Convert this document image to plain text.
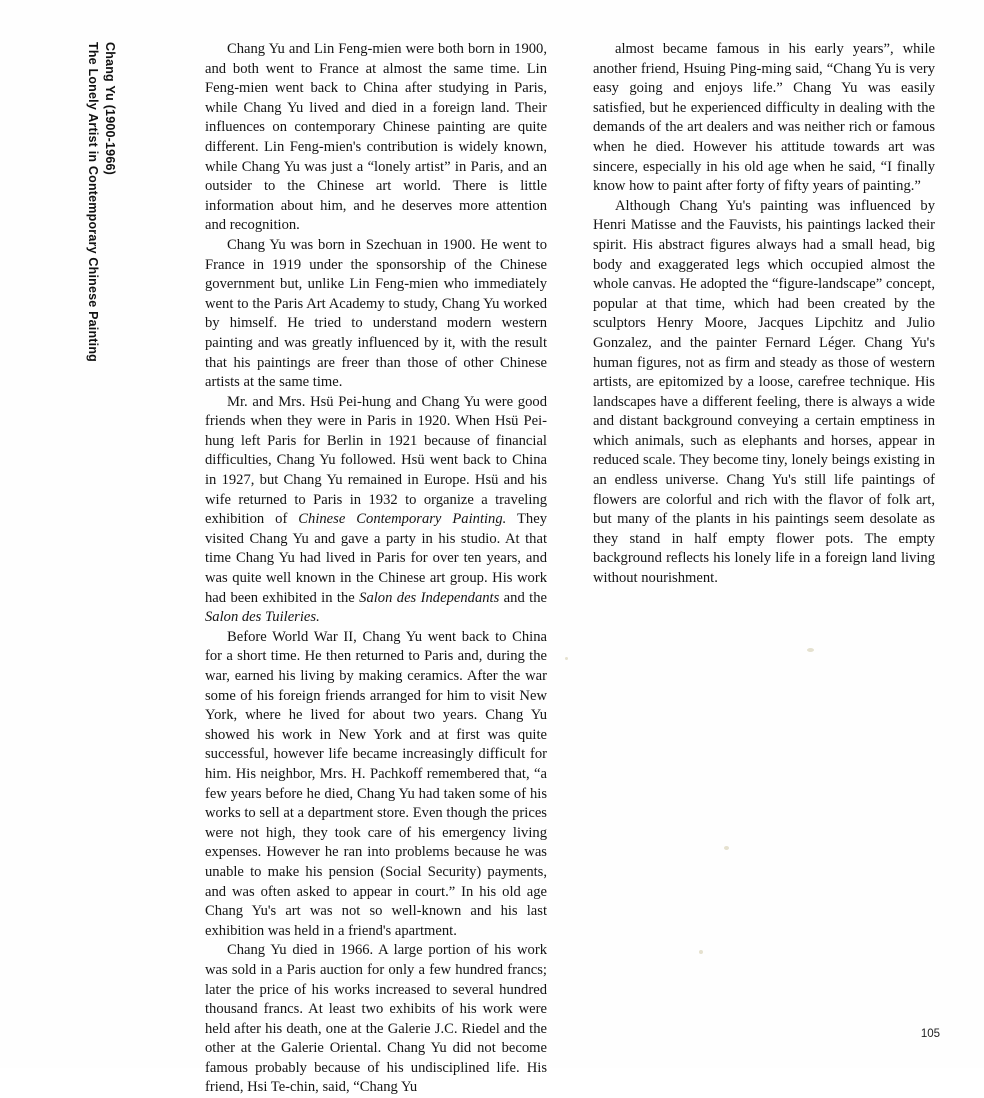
Chang Yu (1900-1966)

The Lonely Artist in Contemporary Chinese Painting	Chang Yu and Lin Feng-mien were both born in 1900, and both went to France at almost the same time. Lin Feng-mien went back to China after studying in Paris, while Chang Yu lived and died in a foreign land. Their influences on contemporary Chinese painting are quite different. Lin Feng-mien's contribution is widely known, while Chang Yu was just a “lonely artist” in Paris, and an outsider to the Chinese art world. There is little information about him, and he deserves more attention and recognition.

Chang Yu was born in Szechuan in 1900. He went to France in 1919 under the sponsorship of the Chinese government but, unlike Lin Feng-mien who immediately went to the Paris Art Academy to study, Chang Yu worked by himself. He tried to understand modern western painting and was greatly influenced by it, with the result that his paintings are freer than those of other Chinese artists at the same time.

Mr. and Mrs. Hsü Pei-hung and Chang Yu were good friends when they were in Paris in 1920. When Hsü Pei-hung left Paris for Berlin in 1921 because of financial difficulties, Chang Yu followed. Hsü went back to China in 1927, but Chang Yu remained in Europe. Hsü and his wife returned to Paris in 1932 to organize a traveling exhibition of Chinese Contemporary Painting. They visited Chang Yu and gave a party in his studio. At that time Chang Yu had lived in Paris for over ten years, and was quite well known in the Chinese art group. His work had been exhibited in the Salon des Independants and the Salon des Tuileries.

Before World War II, Chang Yu went back to China for a short time. He then returned to Paris and, during the war, earned his living by making ceramics. After the war some of his foreign friends arranged for him to visit New York, where he lived for about two years. Chang Yu showed his work in New York and at first was quite successful, however life became increasingly difficult for him. His neighbor, Mrs. H. Pachkoff remembered that, “a few years before he died, Chang Yu had taken some of his works to sell at a department store. Even though the prices were not high, they took care of his emergency living expenses. However he ran into problems because he was unable to make his pension (Social Security) payments, and was often asked to appear in court.” In his old age Chang Yu's art was not so well-known and his last exhibition was held in a friend's apartment.

Chang Yu died in 1966. A large portion of his work was sold in a Paris auction for only a few hundred francs; later the price of his works increased to several hundred thousand francs. At least two exhibits of his work were held after his death, one at the Galerie J.C. Riedel and the other at the Galerie Oriental. Chang Yu did not become famous probably because of his undisciplined life. His friend, Hsi Te-chin, said, “Chang Yu

almost became famous in his early years”, while another friend, Hsuing Ping-ming said, “Chang Yu is very easy going and enjoys life.” Chang Yu was easily satisfied, but he experienced difficulty in dealing with the demands of the art dealers and was neither rich or famous when he died. However his attitude towards art was sincere, especially in his old age when he said, “I finally know how to paint after forty of fifty years of painting.”

Although Chang Yu's painting was influenced by Henri Matisse and the Fauvists, his paintings lacked their spirit. His abstract figures always had a small head, big body and exaggerated legs which occupied almost the whole canvas. He adopted the “figure-landscape” concept, popular at that time, which had been created by the sculptors Henry Moore, Jacques Lipchitz and Julio Gonzalez, and the painter Fernard Léger. Chang Yu's human figures, not as firm and steady as those of western artists, are epitomized by a loose, carefree technique. His landscapes have a different feeling, there is always a wide and distant background conveying a certain emptiness in which animals, such as elephants and horses, appear in reduced scale. They become tiny, lonely beings existing in an endless universe. Chang Yu's still life paintings of flowers are colorful and rich with the flavor of folk art, but many of the plants in his paintings seem desolate as they stand in half empty flower pots. The empty background reflects his lonely life in a foreign land living without nourishment.

105
